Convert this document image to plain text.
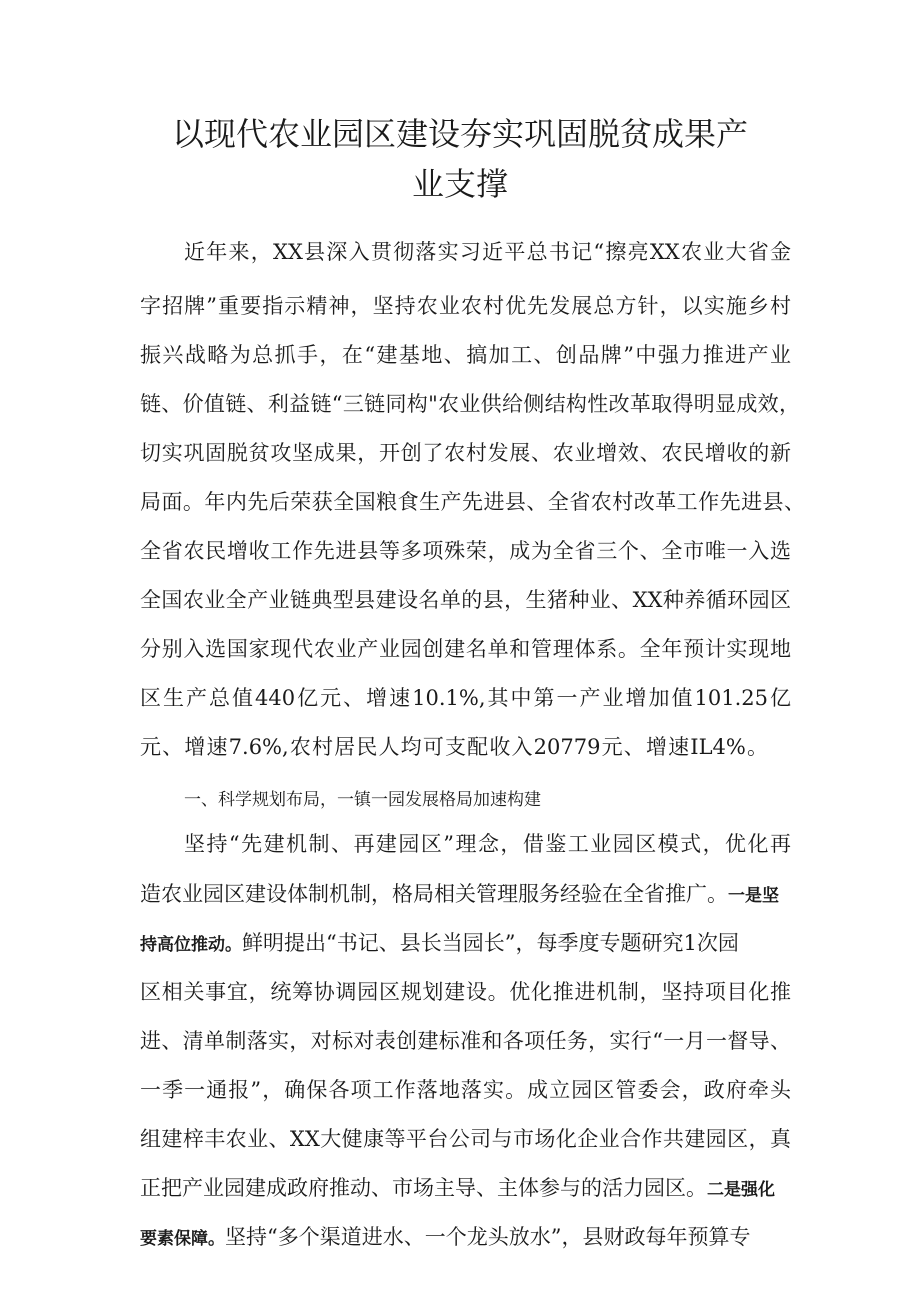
以现代农业园区建设夯实巩固脱贫成果产
业支撑
近年来，XX县深入贯彻落实习近平总书记“擦亮XX农业大省金
字招牌”重要指示精神，坚持农业农村优先发展总方针，以实施乡村
振兴战略为总抓手，在“建基地、搞加工、创品牌”中强力推进产业
链、价值链、利益链“三链同构"农业供给侧结构性改革取得明显成效，
切实巩固脱贫攻坚成果，开创了农村发展、农业增效、农民增收的新
局面。年内先后荣获全国粮食生产先进县、全省农村改革工作先进县、
全省农民增收工作先进县等多项殊荣，成为全省三个、全市唯一入选
全国农业全产业链典型县建设名单的县，生猪种业、XX种养循环园区
分别入选国家现代农业产业园创建名单和管理体系。全年预计实现地
区生产总值440亿元、增速10.1%,其中第一产业增加值101.25亿
元、增速7.6%,农村居民人均可支配收入20779元、增速IL4%。
一、科学规划布局，一镇一园发展格局加速构建
坚持“先建机制、再建园区”理念，借鉴工业园区模式，优化再
造农业园区建设体制机制，格局相关管理服务经验在全省推广。一是坚
持高位推动。鲜明提出“书记、县长当园长”，每季度专题研究1次园
区相关事宜，统筹协调园区规划建设。优化推进机制，坚持项目化推
进、清单制落实，对标对表创建标准和各项任务，实行“一月一督导、
一季一通报”，确保各项工作落地落实。成立园区管委会，政府牵头
组建梓丰农业、XX大健康等平台公司与市场化企业合作共建园区，真
正把产业园建成政府推动、市场主导、主体参与的活力园区。二是强化
要素保障。坚持“多个渠道进水、一个龙头放水”，县财政每年预算专
